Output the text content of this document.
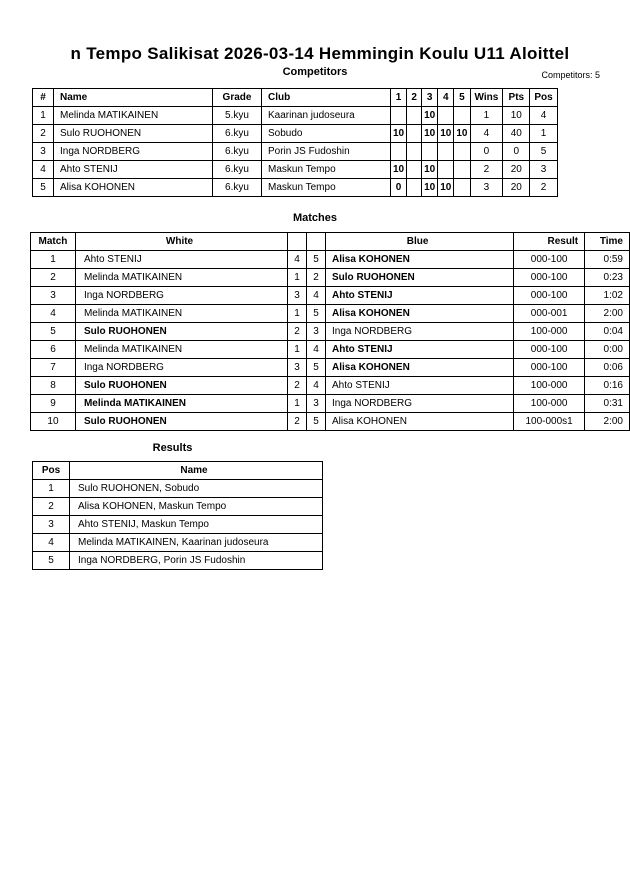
n Tempo Salikisat 2026-03-14 Hemmingin Koulu U11 Aloittel
Competitors	Competitors: 5
#	Name	Grade	Club	1	2	3	4	5	Wins	Pts	Pos
1	Melinda MATIKAINEN	5.kyu	Kaarinan judoseura			10			1	10	4
2	Sulo RUOHONEN	6.kyu	Sobudo	10		10	10	10	4	40	1
3	Inga NORDBERG	6.kyu	Porin JS Fudoshin						0	0	5
4	Ahto STENIJ	6.kyu	Maskun Tempo	10		10			2	20	3
5	Alisa KOHONEN	6.kyu	Maskun Tempo	0		10	10		3	20	2
Matches
Match	White			Blue	Result	Time
1	Ahto STENIJ	4	5	Alisa KOHONEN	000-100	0:59
2	Melinda MATIKAINEN	1	2	Sulo RUOHONEN	000-100	0:23
3	Inga NORDBERG	3	4	Ahto STENIJ	000-100	1:02
4	Melinda MATIKAINEN	1	5	Alisa KOHONEN	000-001	2:00
5	Sulo RUOHONEN	2	3	Inga NORDBERG	100-000	0:04
6	Melinda MATIKAINEN	1	4	Ahto STENIJ	000-100	0:00
7	Inga NORDBERG	3	5	Alisa KOHONEN	000-100	0:06
8	Sulo RUOHONEN	2	4	Ahto STENIJ	100-000	0:16
9	Melinda MATIKAINEN	1	3	Inga NORDBERG	100-000	0:31
10	Sulo RUOHONEN	2	5	Alisa KOHONEN	100-000s1	2:00
Results
Pos	Name
1	Sulo RUOHONEN, Sobudo
2	Alisa KOHONEN, Maskun Tempo
3	Ahto STENIJ, Maskun Tempo
4	Melinda MATIKAINEN, Kaarinan judoseura
5	Inga NORDBERG, Porin JS Fudoshin
